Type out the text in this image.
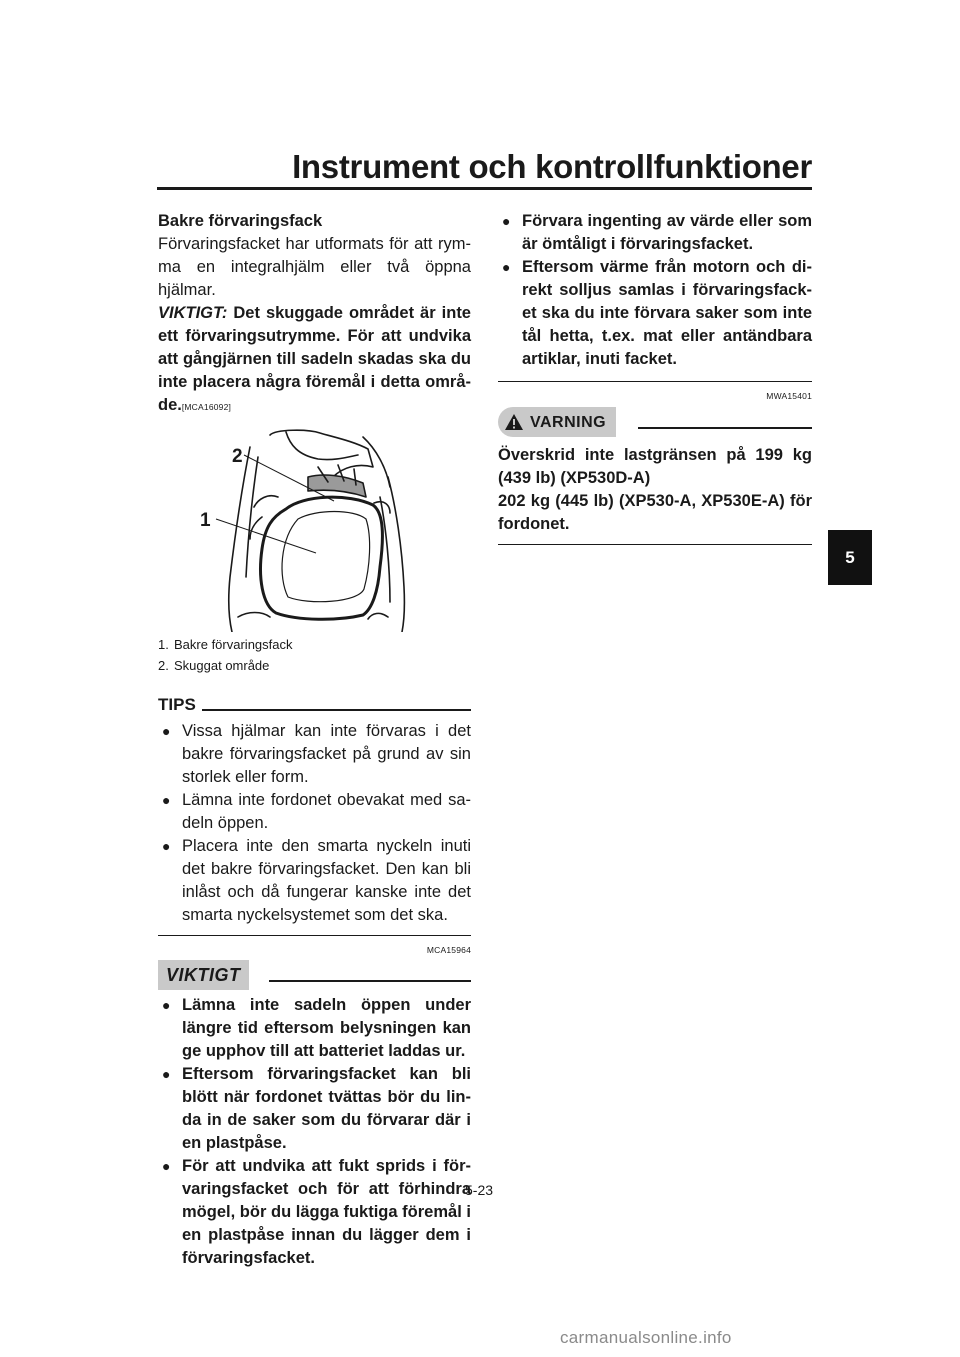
Instrument och kontrollfunktioner
5

Bakre förvaringsfack

Förvaringsfacket har utformats för att rym-ma en integralhjälm eller två öppna hjälmar.

VIKTIGT: Det skuggade området är inte ett förvaringsutrymme. För att undvika att gångjärnen till sadeln skadas ska du inte placera några föremål i detta områ-de.[MCA16092]

2
1
1. Bakre förvaringsfack
2. Skuggat område
TIPS
● Vissa hjälmar kan inte förvaras i det bakre förvaringsfacket på grund av sin storlek eller form.
● Lämna inte fordonet obevakat med sa-deln öppen.
● Placera inte den smarta nyckeln inuti det bakre förvaringsfacket. Den kan bli inlåst och då fungerar kanske inte det smarta nyckelsystemet som det ska.
MCA15964
VIKTIGT
● Lämna inte sadeln öppen under längre tid eftersom belysningen kan ge upphov till att batteriet laddas ur.
● Eftersom förvaringsfacket kan bli blött när fordonet tvättas bör du lin-da in de saker som du förvarar där i en plastpåse.
● För att undvika att fukt sprids i för-varingsfacket och för att förhindra mögel, bör du lägga fuktiga föremål i en plastpåse innan du lägger dem i förvaringsfacket.
● Förvara ingenting av värde eller som är ömtåligt i förvaringsfacket.
● Eftersom värme från motorn och di-rekt solljus samlas i förvaringsfack-et ska du inte förvara saker som inte tål hetta, t.ex. mat eller antändbara artiklar, inuti facket.
MWA15401
VARNING

Överskrid inte lastgränsen på 199 kg (439 lb) (XP530D-A)

202 kg (445 lb) (XP530-A, XP530E-A) för fordonet.

5-23
carmanualsonline.info
